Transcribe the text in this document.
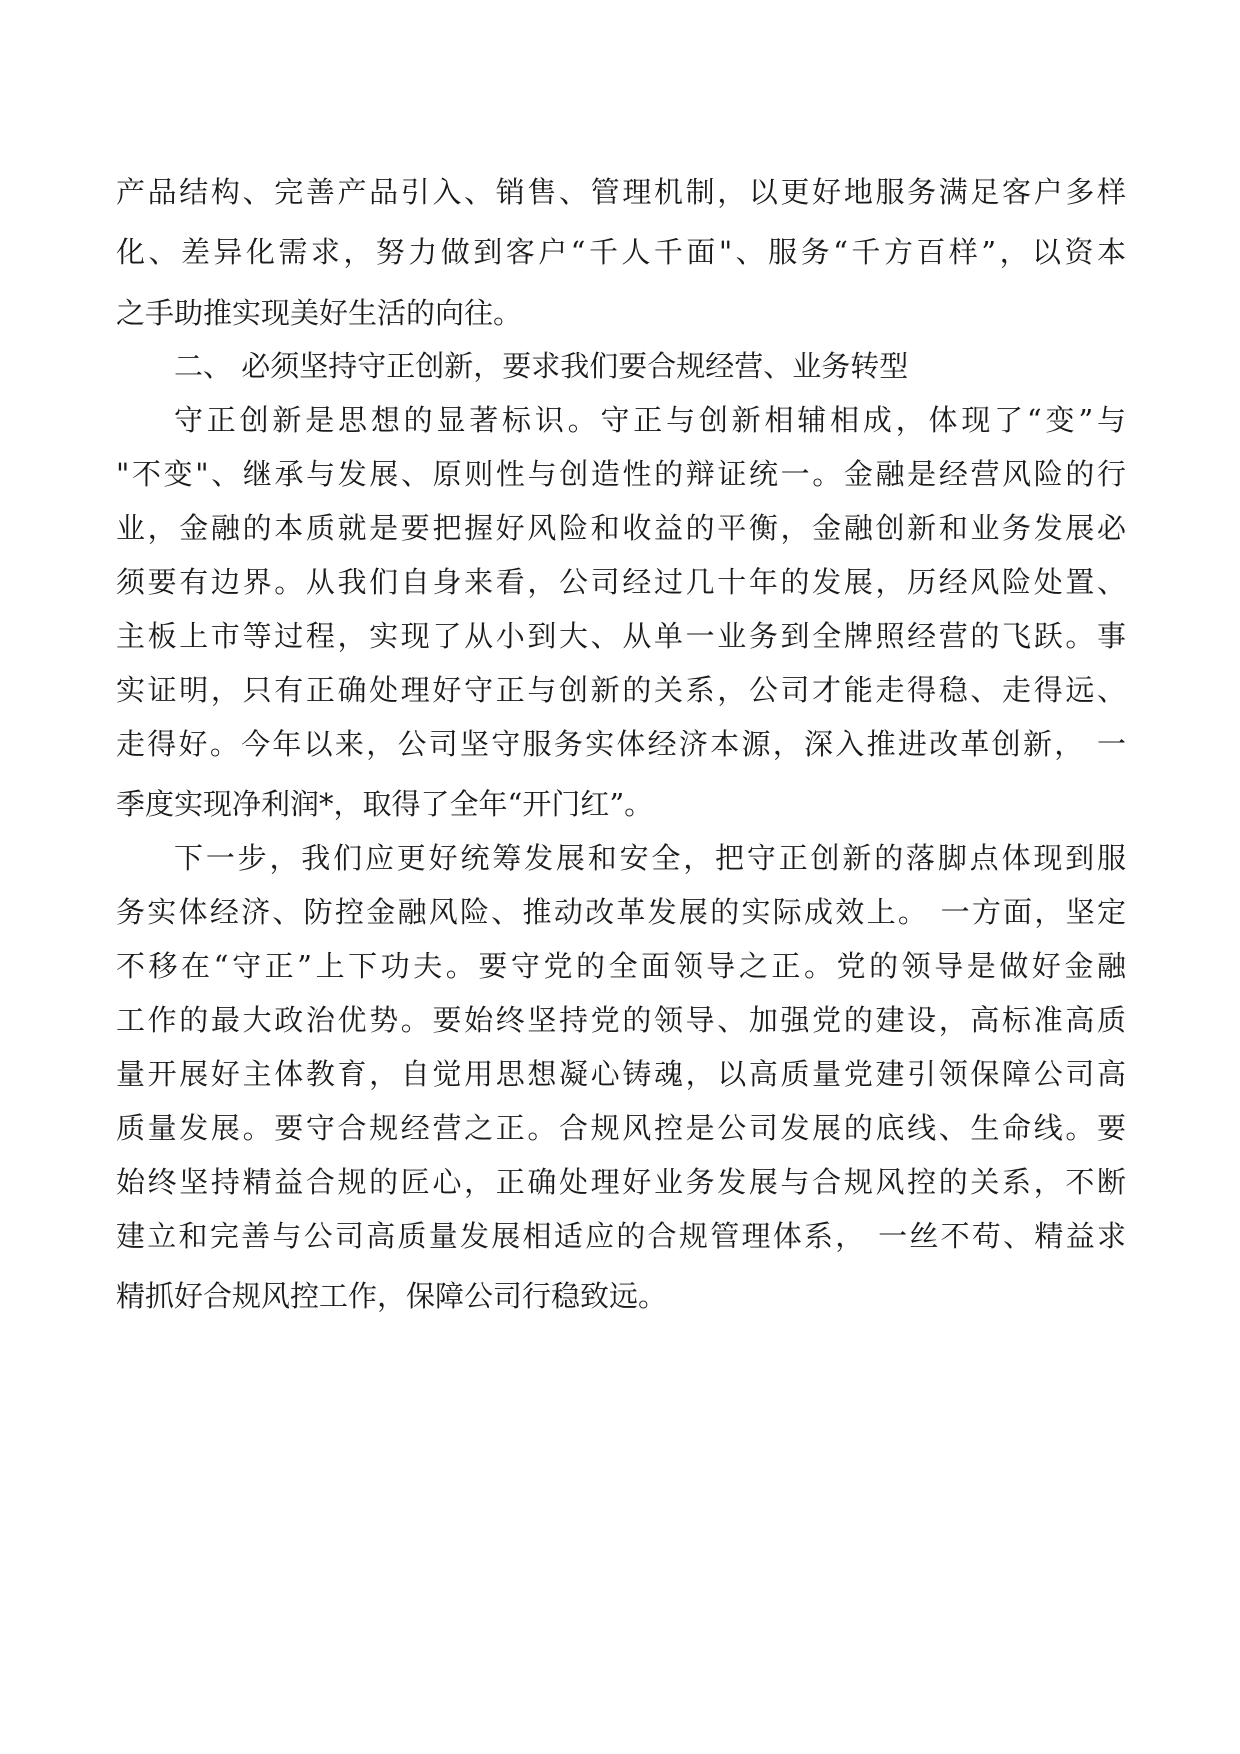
产品结构、完善产品引入、销售、管理机制，以更好地服务满足客户多样
化、差异化需求，努力做到客户“千人千面"、服务“千方百样”，以资本
之手助推实现美好生活的向往。
二、 必须坚持守正创新，要求我们要合规经营、业务转型
守正创新是思想的显著标识。守正与创新相辅相成，体现了“变”与
"不变"、继承与发展、原则性与创造性的辩证统一。金融是经营风险的行
业，金融的本质就是要把握好风险和收益的平衡，金融创新和业务发展必
须要有边界。从我们自身来看，公司经过几十年的发展，历经风险处置、
主板上市等过程，实现了从小到大、从单一业务到全牌照经营的飞跃。事
实证明，只有正确处理好守正与创新的关系，公司才能走得稳、走得远、
走得好。今年以来，公司坚守服务实体经济本源，深入推进改革创新， 一
季度实现净利润*，取得了全年“开门红”。
下一步，我们应更好统筹发展和安全，把守正创新的落脚点体现到服
务实体经济、防控金融风险、推动改革发展的实际成效上。 一方面，坚定
不移在“守正”上下功夫。要守党的全面领导之正。党的领导是做好金融
工作的最大政治优势。要始终坚持党的领导、加强党的建设，高标准高质
量开展好主体教育，自觉用思想凝心铸魂，以高质量党建引领保障公司高
质量发展。要守合规经营之正。合规风控是公司发展的底线、生命线。要
始终坚持精益合规的匠心，正确处理好业务发展与合规风控的关系，不断
建立和完善与公司高质量发展相适应的合规管理体系， 一丝不苟、精益求
精抓好合规风控工作，保障公司行稳致远。
